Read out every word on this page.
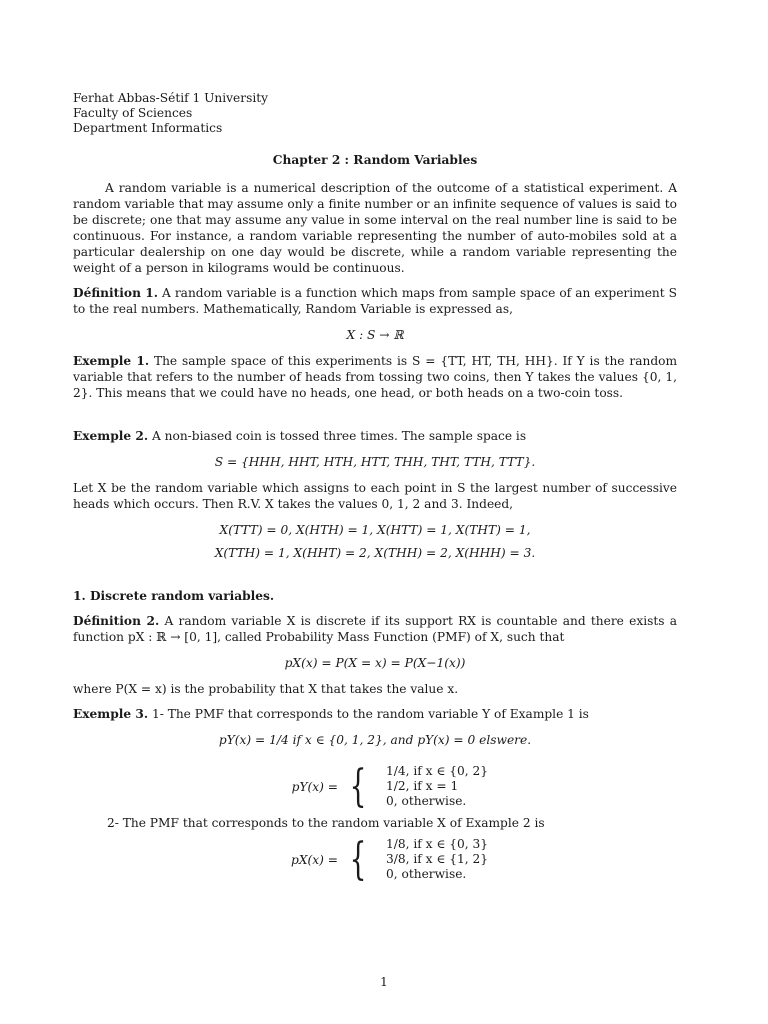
Ferhat Abbas-Sétif 1 University
Faculty of Sciences
Department Informatics
Chapter 2 : Random Variables

A random variable is a numerical description of the outcome of a statistical experiment. A random variable that may assume only a finite number or an infinite sequence of values is said to be discrete; one that may assume any value in some interval on the real number line is said to be continuous. For instance, a random variable representing the number of auto-mobiles sold at a particular dealership on one day would be discrete, while a random variable representing the weight of a person in kilograms would be continuous.

Définition 1. A random variable is a function which maps from sample space of an experiment S to the real numbers. Mathematically, Random Variable is expressed as,

X : S → ℝ

Exemple 1. The sample space of this experiments is S = {TT, HT, TH, HH}. If Y is the random variable that refers to the number of heads from tossing two coins, then Y takes the values {0, 1, 2}. This means that we could have no heads, one head, or both heads on a two-coin toss.

Exemple 2. A non-biased coin is tossed three times. The sample space is

S = {HHH, HHT, HTH, HTT, THH, THT, TTH, TTT}.

Let X be the random variable which assigns to each point in S the largest number of successive heads which occurs. Then R.V. X takes the values 0, 1, 2 and 3. Indeed,

X(TTT) = 0, X(HTH) = 1, X(HTT) = 1, X(THT) = 1,
X(TTH) = 1, X(HHT) = 2, X(THH) = 2, X(HHH) = 3.
1. Discrete random variables.

Définition 2. A random variable X is discrete if its support RX is countable and there exists a function pX : ℝ → [0, 1], called Probability Mass Function (PMF) of X, such that

pX(x) = P(X = x) = P(X−1(x))

where P(X = x) is the probability that X that takes the value x.

Exemple 3. 1- The PMF that corresponds to the random variable Y of Example 1 is

pY(x) = 1/4 if x ∈ {0, 1, 2}, and pY(x) = 0 elswere.
pY(x) = { 1/4, if x ∈ {0, 2}
1/2, if x = 1
0, otherwise.

2- The PMF that corresponds to the random variable X of Example 2 is

pX(x) = { 1/8, if x ∈ {0, 3}
3/8, if x ∈ {1, 2}
0, otherwise.
1
